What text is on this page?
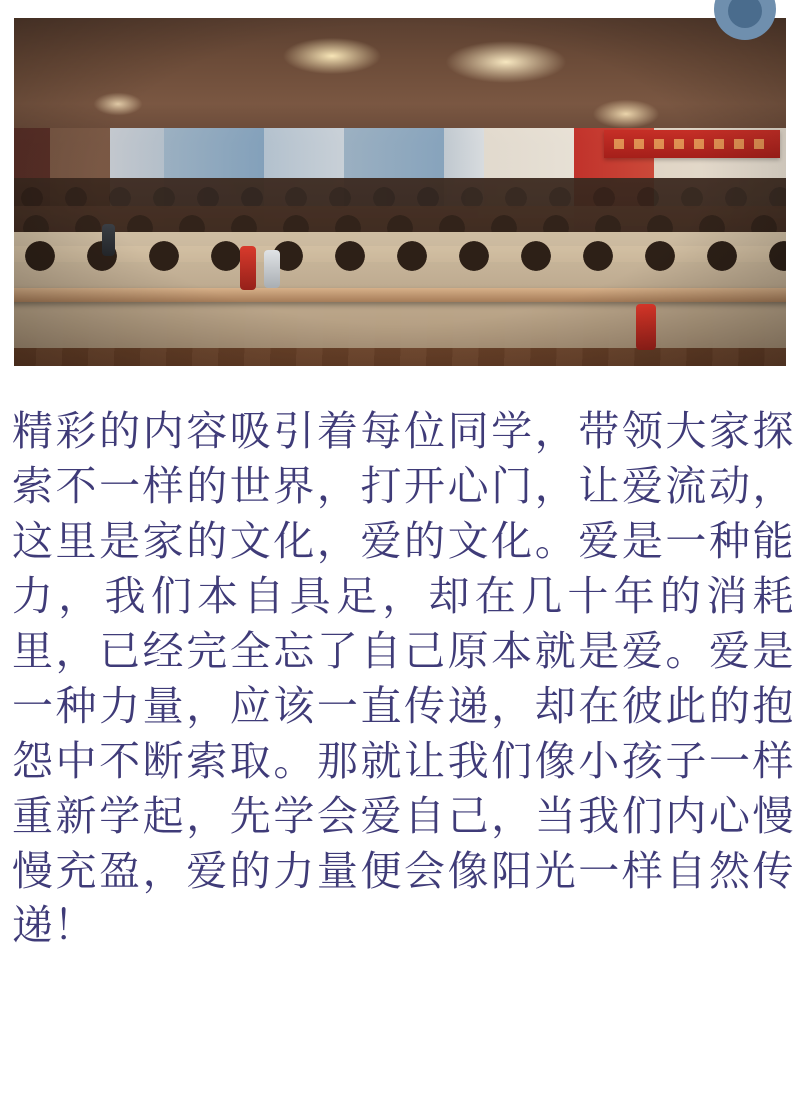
精彩的内容吸引着每位同学，带领大家探索不一样的世界，打开心门，让爱流动，这里是家的文化，爱的文化。爱是一种能力，我们本自具足，却在几十年的消耗里，已经完全忘了自己原本就是爱。爱是一种力量，应该一直传递，却在彼此的抱怨中不断索取。那就让我们像小孩子一样重新学起，先学会爱自己，当我们内心慢慢充盈，爱的力量便会像阳光一样自然传递！
